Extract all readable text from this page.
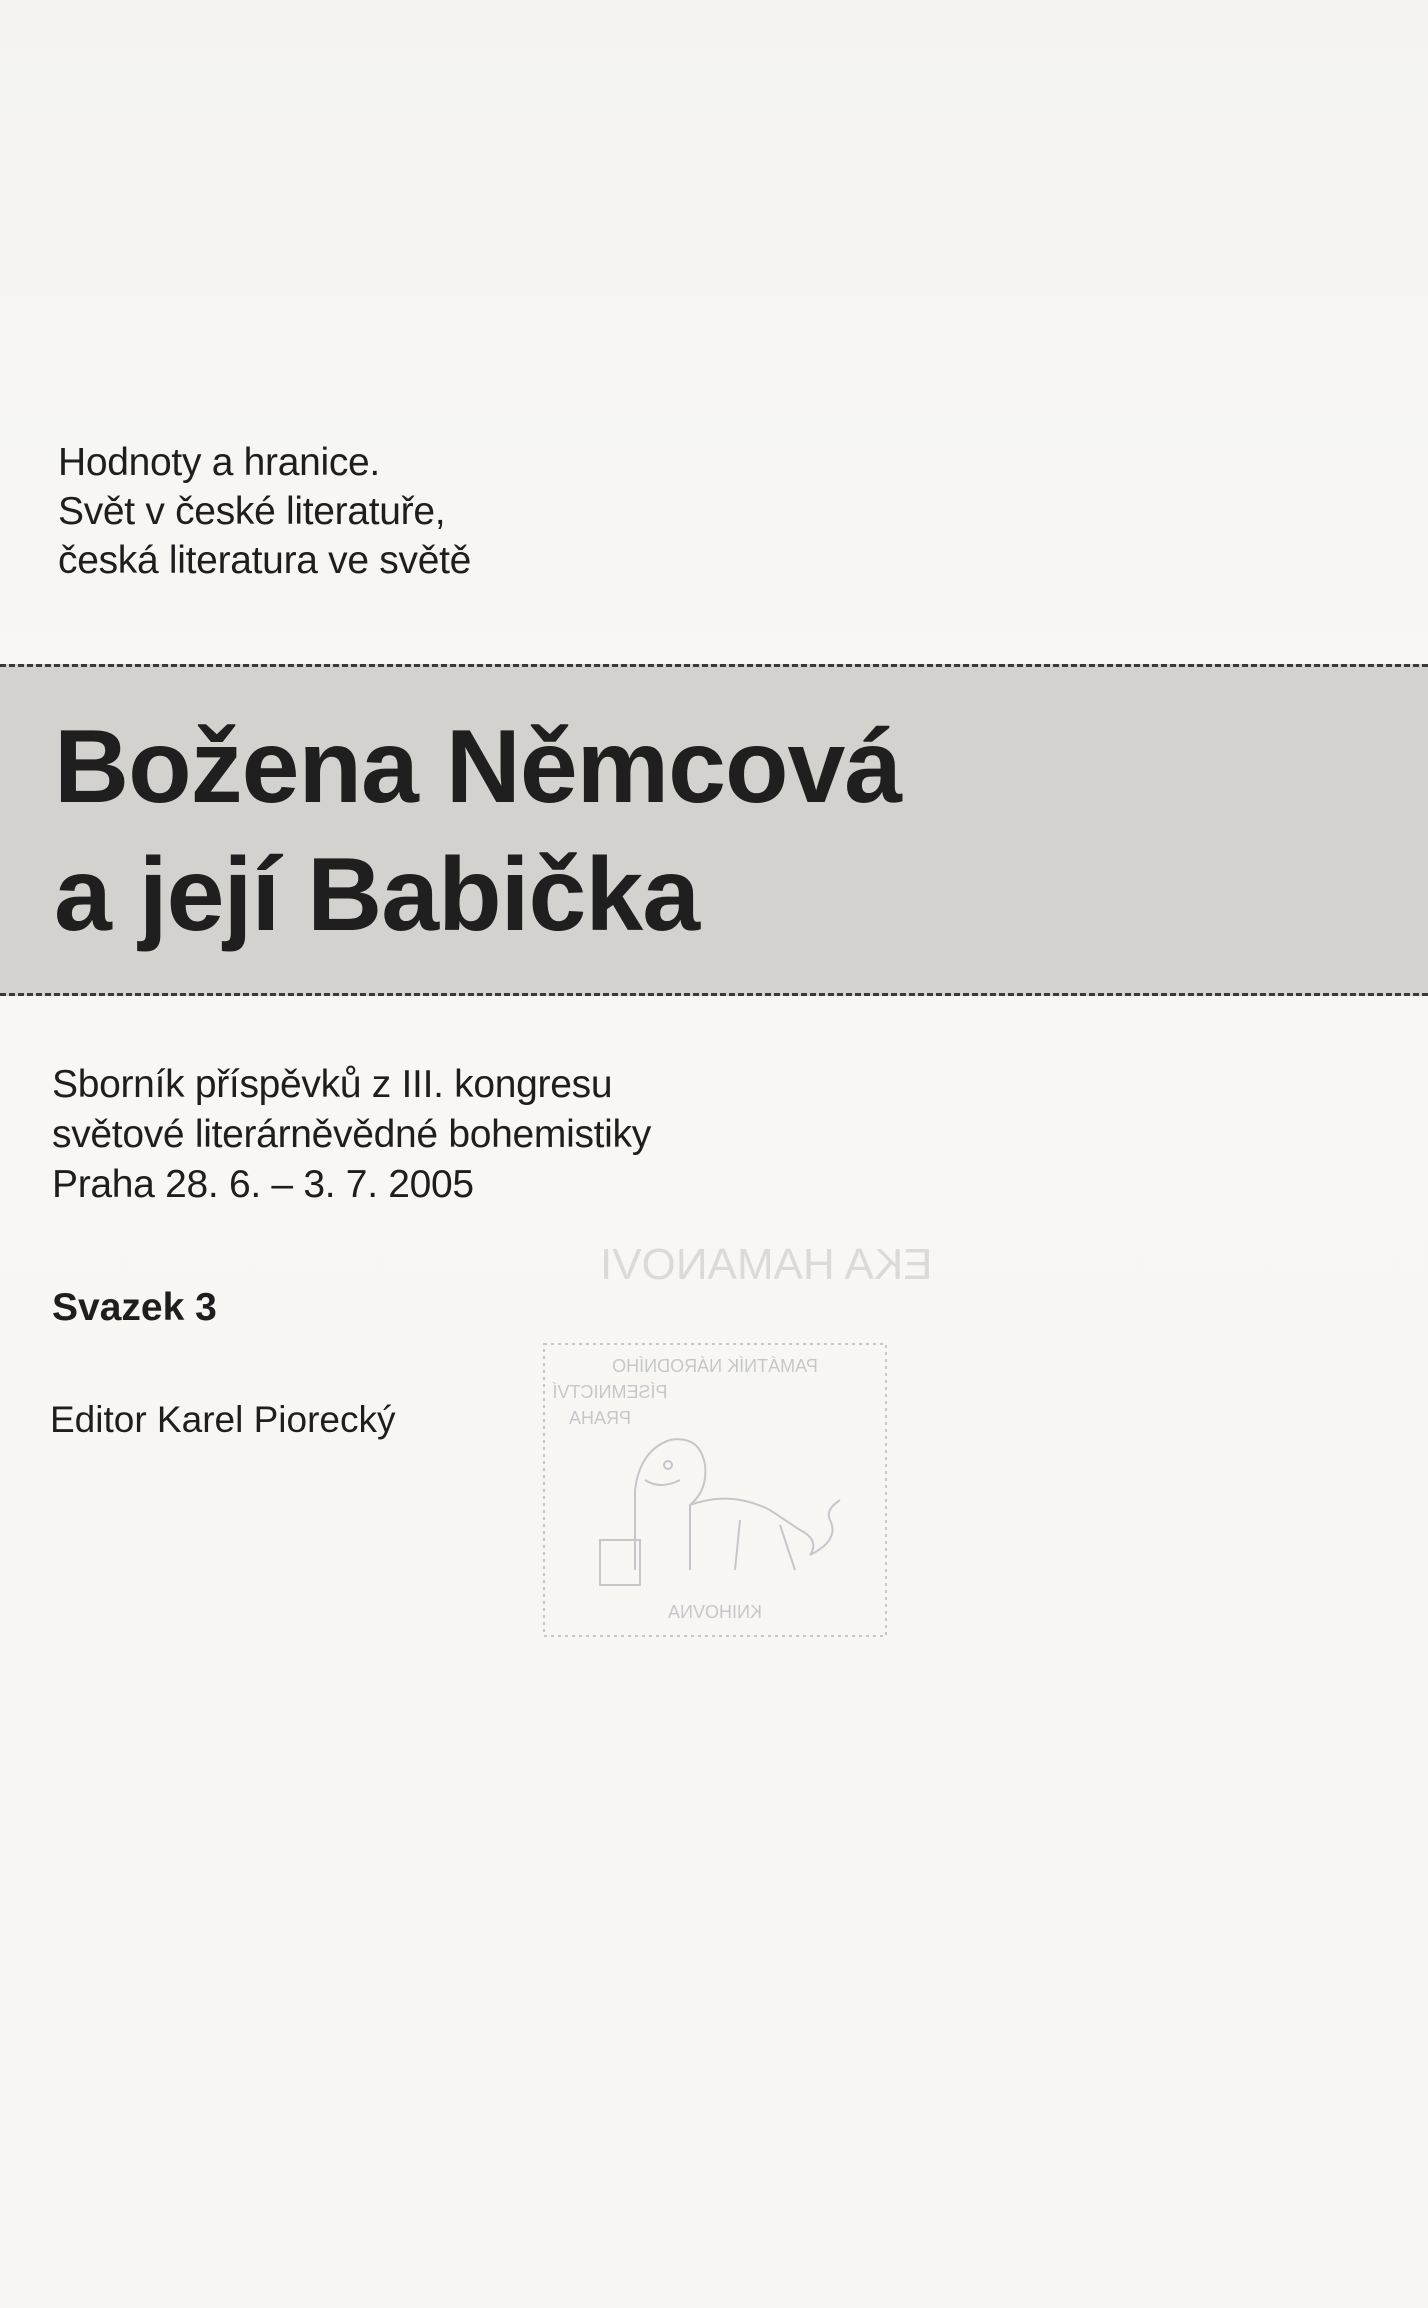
Hodnoty a hranice.
Svět v české literatuře,
česká literatura ve světě
Božena Němcová
a její Babička
Sborník příspěvků z III. kongresu
světové literárněvědné bohemistiky
Praha 28. 6. – 3. 7. 2005
EKA HAMANOVI
Svazek 3
Editor Karel Piorecký
PAMÁTNÍK NÁRODNÍHO
PÍSEMNICTVÍ
PRAHA
KNIHOVNA
